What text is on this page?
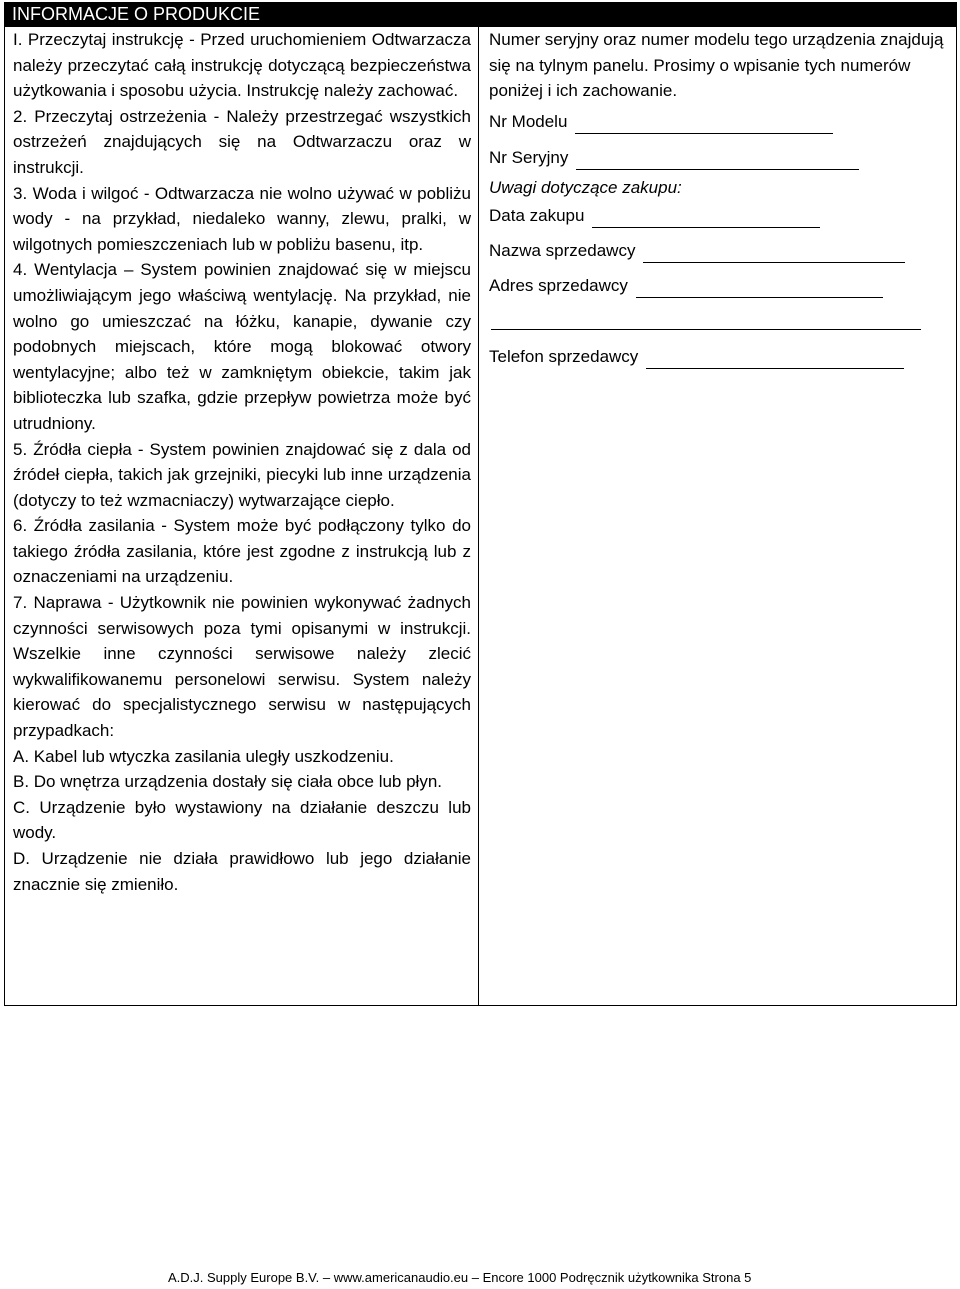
INFORMACJE O PRODUKCIE

I. Przeczytaj instrukcję - Przed uruchomieniem Odtwarzacza należy przeczytać całą instrukcję dotyczącą bezpieczeństwa użytkowania i sposobu użycia. Instrukcję należy zachować.

2. Przeczytaj ostrzeżenia - Należy przestrzegać wszystkich ostrzeżeń znajdujących się na Odtwarzaczu oraz w instrukcji.

3. Woda i wilgoć - Odtwarzacza nie wolno używać w pobliżu wody - na przykład, niedaleko wanny, zlewu, pralki, w wilgotnych pomieszczeniach lub w pobliżu basenu, itp.

4. Wentylacja – System powinien znajdować się w miejscu umożliwiającym jego właściwą wentylację. Na przykład, nie wolno go umieszczać na łóżku, kanapie, dywanie czy podobnych miejscach, które mogą blokować otwory wentylacyjne; albo też w zamkniętym obiekcie, takim jak biblioteczka lub szafka, gdzie przepływ powietrza może być utrudniony.

5. Źródła ciepła - System powinien znajdować się z dala od źródeł ciepła, takich jak grzejniki, piecyki lub inne urządzenia (dotyczy to też wzmacniaczy) wytwarzające ciepło.

6. Źródła zasilania - System może być podłączony tylko do takiego źródła zasilania, które jest zgodne z instrukcją lub z oznaczeniami na urządzeniu.

7. Naprawa - Użytkownik nie powinien wykonywać żadnych czynności serwisowych poza tymi opisanymi w instrukcji. Wszelkie inne czynności serwisowe należy zlecić wykwalifikowanemu personelowi serwisu. System należy kierować do specjalistycznego serwisu w następujących przypadkach:

A. Kabel lub wtyczka zasilania uległy uszkodzeniu.

B. Do wnętrza urządzenia dostały się ciała obce lub płyn.

C. Urządzenie było wystawiony na działanie deszczu lub wody.

D. Urządzenie nie działa prawidłowo lub jego działanie znacznie się zmieniło.

Numer seryjny oraz numer modelu tego urządzenia znajdują się na tylnym panelu. Prosimy o wpisanie tych numerów poniżej i ich zachowanie.

Nr Modelu
Nr Seryjny
Uwagi dotyczące zakupu:
Data zakupu
Nazwa sprzedawcy
Adres sprzedawcy
Telefon sprzedawcy
A.D.J. Supply Europe B.V. – www.americanaudio.eu – Encore 1000 Podręcznik użytkownika Strona 5
